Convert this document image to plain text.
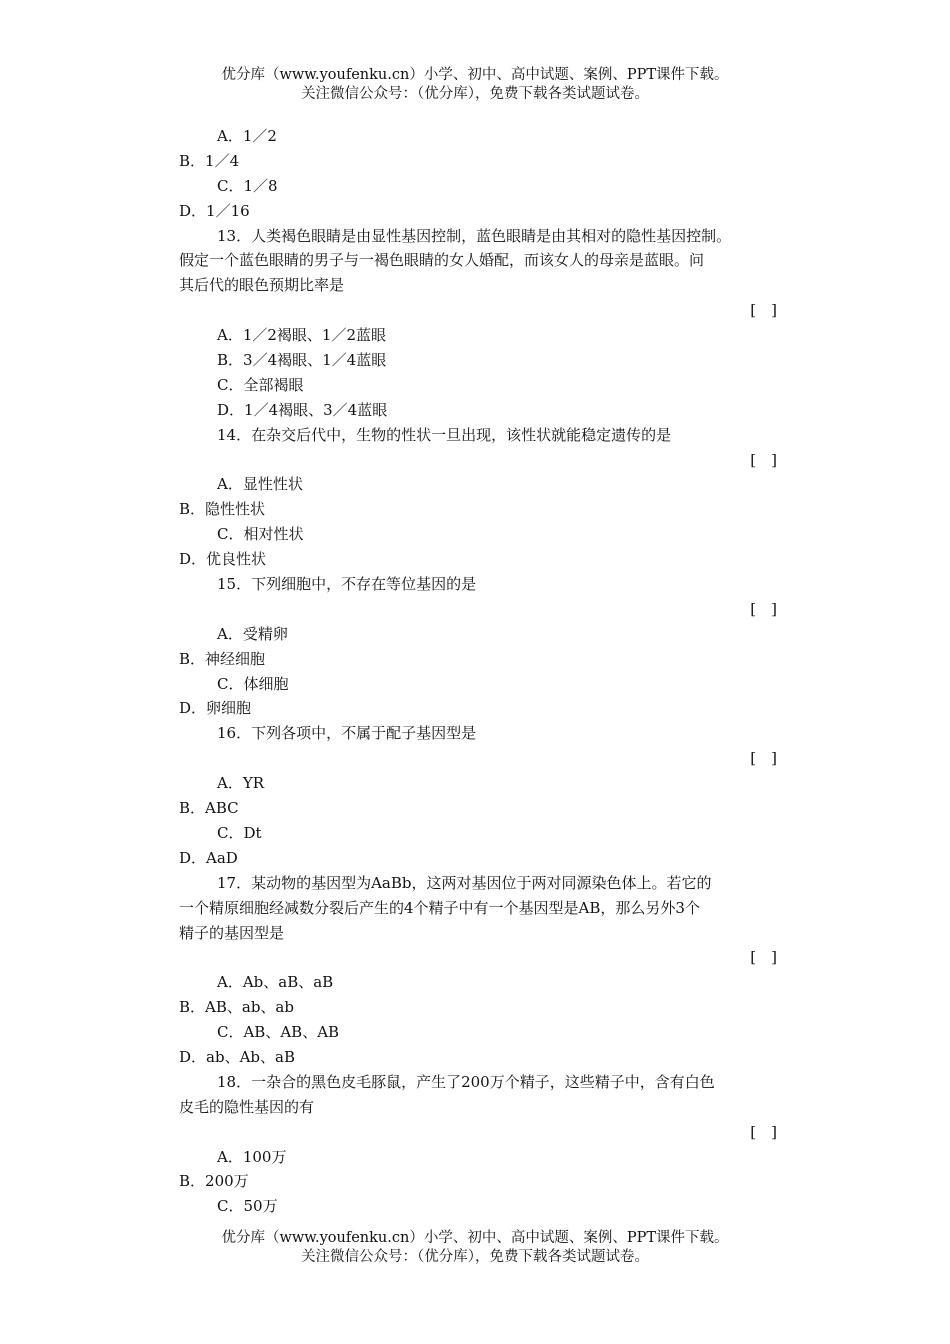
优分库（www.youfenku.cn）小学、初中、高中试题、案例、PPT课件下载。
关注微信公众号：（优分库），免费下载各类试题试卷。
A．1／2
B．1／4
C．1／8
D．1／16
13．人类褐色眼睛是由显性基因控制，蓝色眼睛是由其相对的隐性基因控制。
假定一个蓝色眼睛的男子与一褐色眼睛的女人婚配，而该女人的母亲是蓝眼。问
其后代的眼色预期比率是
[　]
A．1／2褐眼、1／2蓝眼
B．3／4褐眼、1／4蓝眼
C．全部褐眼
D．1／4褐眼、3／4蓝眼
14．在杂交后代中，生物的性状一旦出现，该性状就能稳定遗传的是
[　]
A．显性性状
B．隐性性状
C．相对性状
D．优良性状
15．下列细胞中，不存在等位基因的是
[　]
A．受精卵
B．神经细胞
C．体细胞
D．卵细胞
16．下列各项中，不属于配子基因型是
[　]
A．YR
B．ABC
C．Dt
D．AaD
17．某动物的基因型为AaBb，这两对基因位于两对同源染色体上。若它的
一个精原细胞经减数分裂后产生的4个精子中有一个基因型是AB，那么另外3个
精子的基因型是
[　]
A．Ab、aB、aB
B．AB、ab、ab
C．AB、AB、AB
D．ab、Ab、aB
18．一杂合的黑色皮毛豚鼠，产生了200万个精子，这些精子中，含有白色
皮毛的隐性基因的有
[　]
A．100万
B．200万
C．50万
优分库（www.youfenku.cn）小学、初中、高中试题、案例、PPT课件下载。
关注微信公众号：（优分库），免费下载各类试题试卷。
